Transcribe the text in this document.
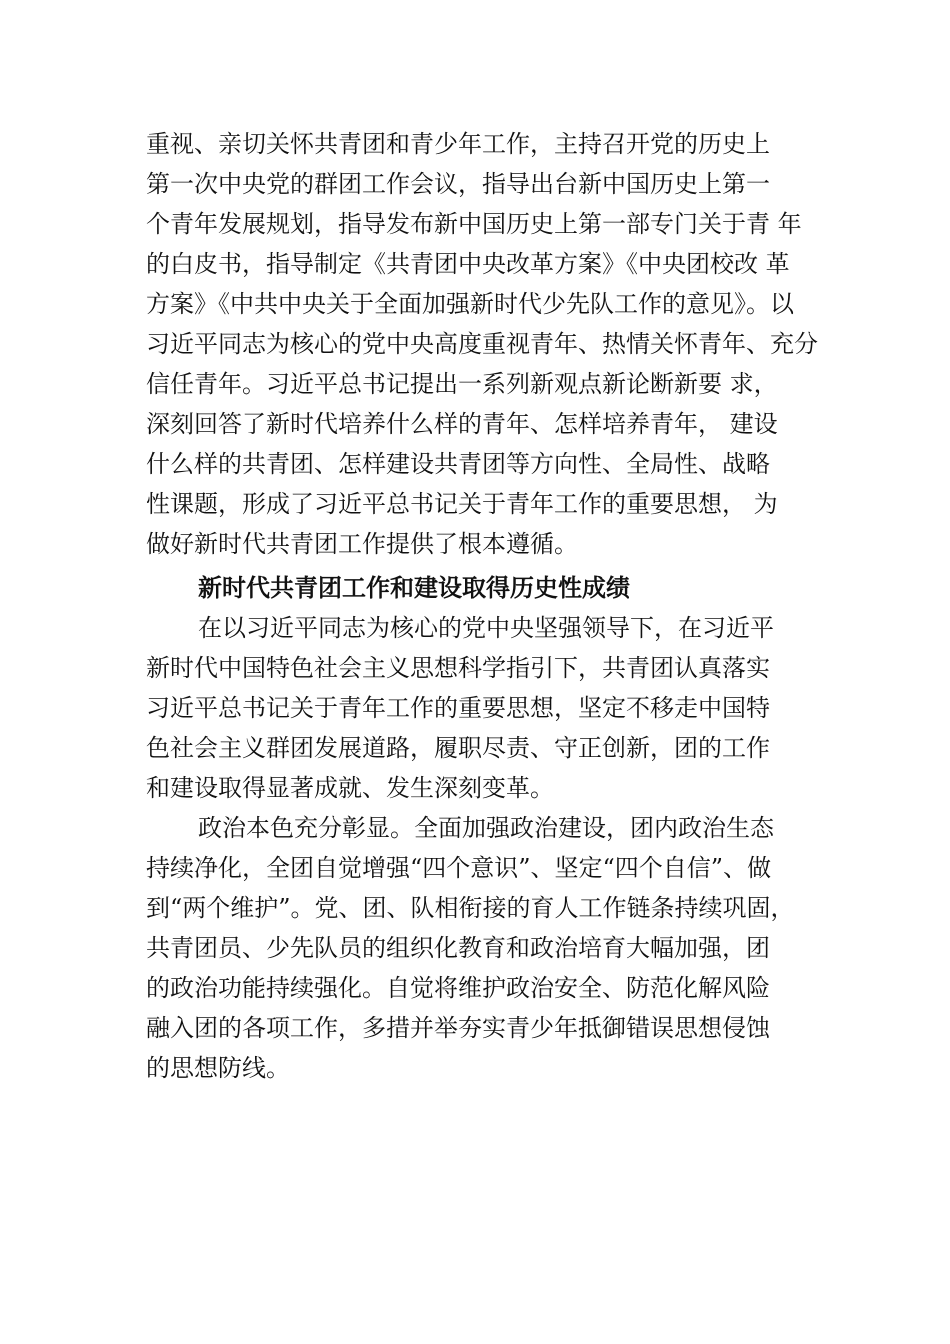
重视、亲切关怀共青团和青少年工作，主持召开党的历史上
第一次中央党的群团工作会议，指导出台新中国历史上第一
个青年发展规划，指导发布新中国历史上第一部专门关于青 年
的白皮书，指导制定《共青团中央改革方案》《中央团校改 革
方案》《中共中央关于全面加强新时代少先队工作的意见》。以
习近平同志为核心的党中央高度重视青年、热情关怀青年、充分
信任青年。习近平总书记提出一系列新观点新论断新要 求，
深刻回答了新时代培养什么样的青年、怎样培养青年， 建设
什么样的共青团、怎样建设共青团等方向性、全局性、战略
性课题，形成了习近平总书记关于青年工作的重要思想， 为
做好新时代共青团工作提供了根本遵循。
新时代共青团工作和建设取得历史性成绩
在以习近平同志为核心的党中央坚强领导下，在习近平
新时代中国特色社会主义思想科学指引下，共青团认真落实
习近平总书记关于青年工作的重要思想，坚定不移走中国特
色社会主义群团发展道路，履职尽责、守正创新，团的工作
和建设取得显著成就、发生深刻变革。
政治本色充分彰显。全面加强政治建设，团内政治生态
持续净化，全团自觉增强“四个意识”、坚定“四个自信”、做
到“两个维护”。党、团、队相衔接的育人工作链条持续巩固，
共青团员、少先队员的组织化教育和政治培育大幅加强，团
的政治功能持续强化。自觉将维护政治安全、防范化解风险
融入团的各项工作，多措并举夯实青少年抵御错误思想侵蚀
的思想防线。
